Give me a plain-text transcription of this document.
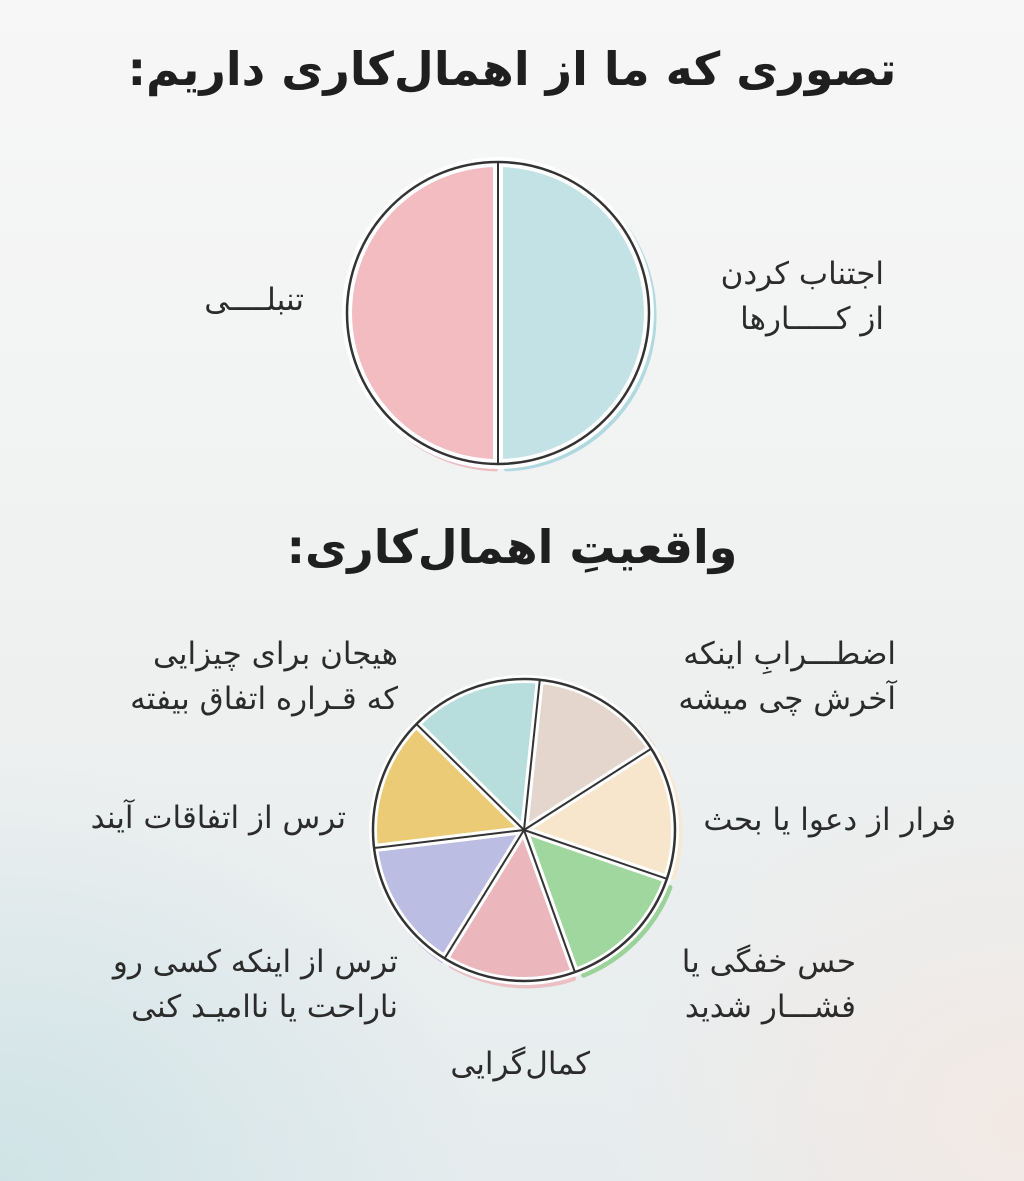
تصوری که ما از اهمال‌کاری داریم:
واقعیتِ اهمال‌کاری:
اجتناب کردن
از کـــــارها
تنبلــــی
اضطـــرابِ اینکه
آخرش چی میشه
فرار از دعوا یا بحث
حس خفگی یا
فشـــار شدید
کمال‌گرایی
ترس از اینکه کسی رو
ناراحت یا ناامیـد کنی
ترس از اتفاقات آیند
هیجان برای چیزایی
که قـراره اتفاق بیفته
